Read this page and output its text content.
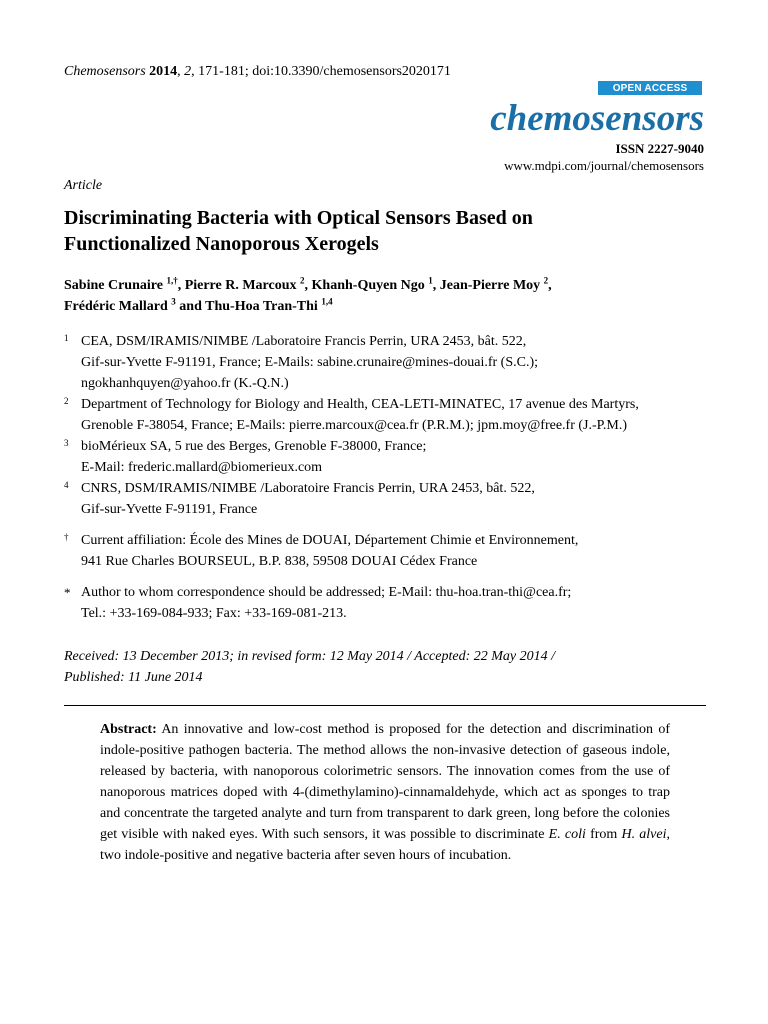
Chemosensors 2014, 2, 171-181; doi:10.3390/chemosensors2020171
OPEN ACCESS
chemosensors
ISSN 2227-9040
www.mdpi.com/journal/chemosensors
Article
Discriminating Bacteria with Optical Sensors Based on
Functionalized Nanoporous Xerogels
Sabine Crunaire $^{1,\dagger}$, Pierre R. Marcoux $^2$, Khanh-Quyen Ngo $^1$, Jean-Pierre Moy $^2$,
Frédéric Mallard $^3$ and Thu-Hoa Tran-Thi $^{1,4}$
1 CEA, DSM/IRAMIS/NIMBE /Laboratoire Francis Perrin, URA 2453, bât. 522,
Gif-sur-Yvette F-91191, France; E-Mails: sabine.crunaire@mines-douai.fr (S.C.);
ngokhanhquyen@yahoo.fr (K.-Q.N.)
2 Department of Technology for Biology and Health, CEA-LETI-MINATEC, 17 avenue des Martyrs,
Grenoble F-38054, France; E-Mails: pierre.marcoux@cea.fr (P.R.M.); jpm.moy@free.fr (J.-P.M.)
3 bioMérieux SA, 5 rue des Berges, Grenoble F-38000, France;
E-Mail: frederic.mallard@biomerieux.com
4 CNRS, DSM/IRAMIS/NIMBE /Laboratoire Francis Perrin, URA 2453, bât. 522,
Gif-sur-Yvette F-91191, France
† Current affiliation: École des Mines de DOUAI, Département Chimie et Environnement,
941 Rue Charles BOURSEUL, B.P. 838, 59508 DOUAI Cédex France
* Author to whom correspondence should be addressed; E-Mail: thu-hoa.tran-thi@cea.fr;
Tel.: +33-169-084-933; Fax: +33-169-081-213.
Received: 13 December 2013; in revised form: 12 May 2014 / Accepted: 22 May 2014 /
Published: 11 June 2014
Abstract: An innovative and low-cost method is proposed for the detection and discrimination of indole-positive pathogen bacteria. The method allows the non-invasive detection of gaseous indole, released by bacteria, with nanoporous colorimetric sensors. The innovation comes from the use of nanoporous matrices doped with 4-(dimethylamino)-cinnamaldehyde, which act as sponges to trap and concentrate the targeted analyte and turn from transparent to dark green, long before the colonies get visible with naked eyes. With such sensors, it was possible to discriminate E. coli from H. alvei, two indole-positive and negative bacteria after seven hours of incubation.
